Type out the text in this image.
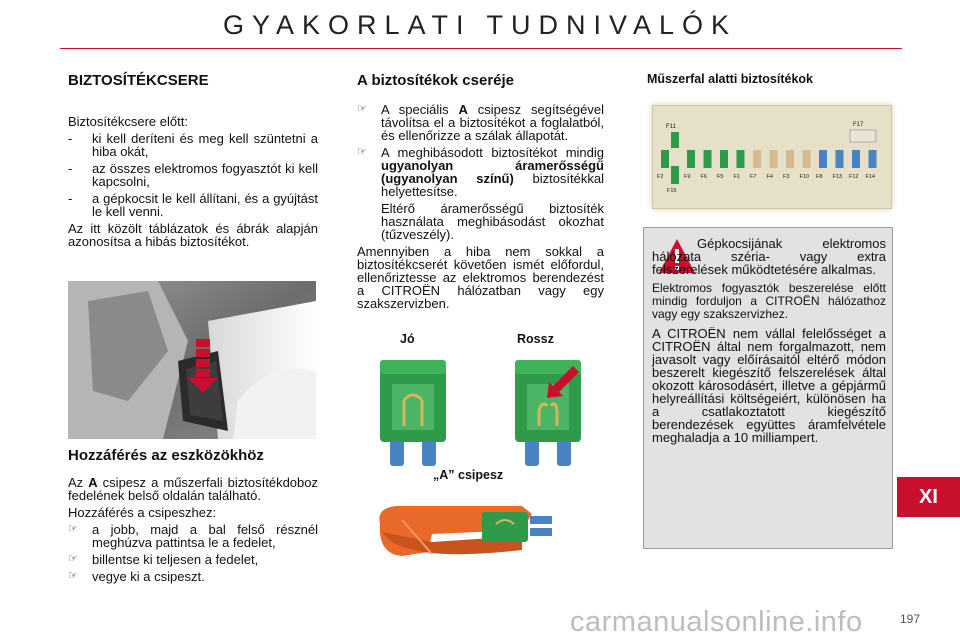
GYAKORLATI TUDNIVALÓK
BIZTOSÍTÉKCSERE

Biztosítékcsere előtt:

- ki kell deríteni és meg kell szüntetni a hiba okát,
- az összes elektromos fogyasztót ki kell kapcsolni,
- a gépkocsit le kell állítani, és a gyújtást le kell venni.

Az itt közölt táblázatok és ábrák alapján azonosítsa a hibás biztosítékot.

Hozzáférés az eszközökhöz

Az A csipesz a műszerfali biztosítékdoboz fedelének belső oldalán található.

Hozzáférés a csipeszhez:

☞ a jobb, majd a bal felső résznél meghúzva pattintsa le a fedelet,
☞ billentse ki teljesen a fedelet,
☞ vegye ki a csipeszt.
A biztosítékok cseréje
☞ A speciális A csipesz segítségével távolítsa el a biztosítékot a foglalatból, és ellenőrizze a szálak állapotát.
☞ A meghibásodott biztosítékot mindig ugyanolyan áramerősségű (ugyanolyan színű) biztosítékkal helyettesítse.
Eltérő áramerősségű biztosíték használata meghibásodást okozhat (tűzveszély).

Amennyiben a hiba nem sokkal a biztosítékcserét követően ismét előfordul, ellenőriztesse az elektromos berendezést a CITROËN hálózatban vagy egy szakszervizben.

Jó	Rossz
„A” csipesz
Műszerfal alatti biztosítékok
F11	F17
F2
F15
F9 F6 F5 F1 F7 F4 F3 F10 F8 F13 F12 F14

Gépkocsijának elektromos hálózata széria- vagy extra felszerelések működtetésére alkalmas.

Elektromos fogyasztók beszerelése előtt mindig forduljon a CITROËN hálózathoz vagy egy szakszervizhez.

A CITROËN nem vállal felelősséget a CITROËN által nem forgalmazott, nem javasolt vagy előírásaitól eltérő módon beszerelt kiegészítő felszerelések által okozott károsodásért, illetve a gépjármű helyreállítási költségeiért, különösen ha a csatlakoztatott kiegészítő berendezések együttes áramfelvétele meghaladja a 10 milliampert.

XI
carmanualsonline.info	197
